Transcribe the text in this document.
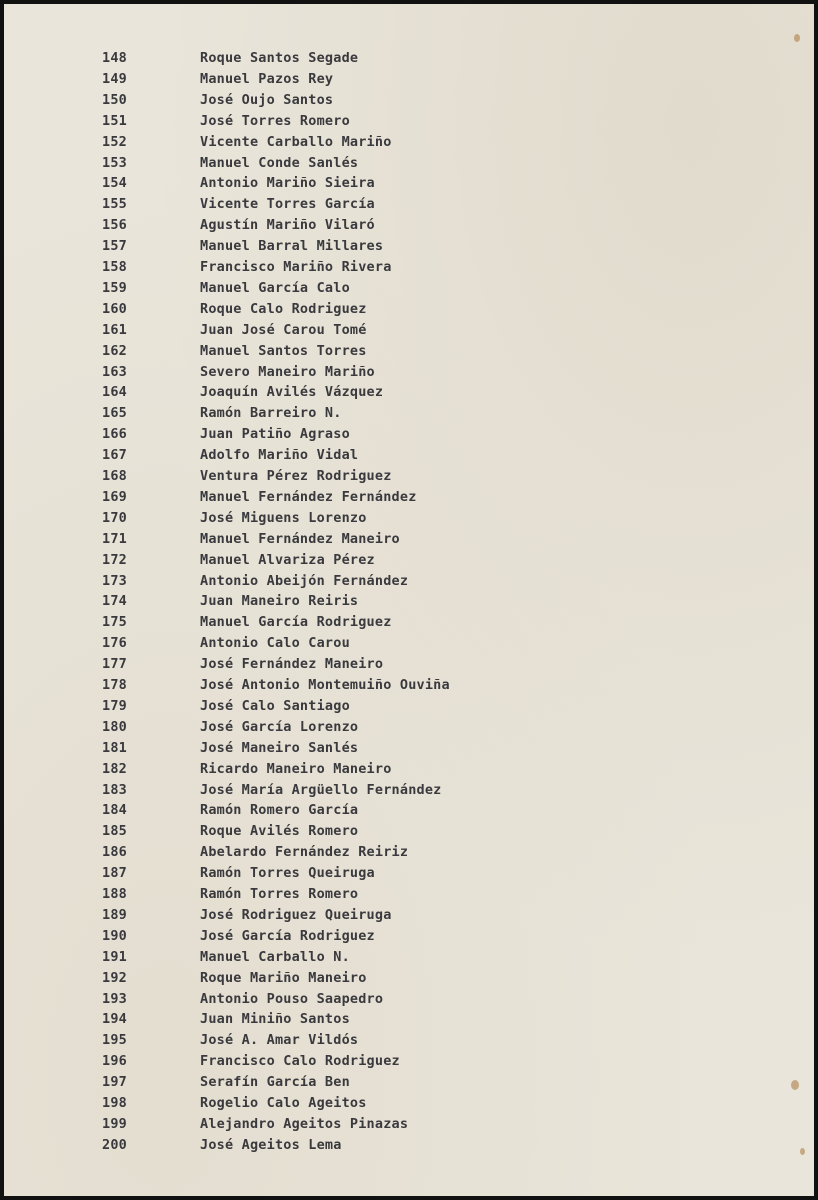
148	Roque Santos Segade
149	Manuel Pazos Rey
150	José Oujo Santos
151	José Torres Romero
152	Vicente Carballo Mariño
153	Manuel Conde Sanlés
154	Antonio Mariño Sieira
155	Vicente Torres García
156	Agustín Mariño Vilaró
157	Manuel Barral Millares
158	Francisco Mariño Rivera
159	Manuel García Calo
160	Roque Calo Rodriguez
161	Juan José Carou Tomé
162	Manuel Santos Torres
163	Severo Maneiro Mariño
164	Joaquín Avilés Vázquez
165	Ramón Barreiro N.
166	Juan Patiño Agraso
167	Adolfo Mariño Vidal
168	Ventura Pérez Rodriguez
169	Manuel Fernández Fernández
170	José Miguens Lorenzo
171	Manuel Fernández Maneiro
172	Manuel Alvariza Pérez
173	Antonio Abeijón Fernández
174	Juan Maneiro Reiris
175	Manuel García Rodriguez
176	Antonio Calo Carou
177	José Fernández Maneiro
178	José Antonio Montemuiño Ouviña
179	José Calo Santiago
180	José García Lorenzo
181	José Maneiro Sanlés
182	Ricardo Maneiro Maneiro
183	José María Argüello Fernández
184	Ramón Romero García
185	Roque Avilés Romero
186	Abelardo Fernández Reiriz
187	Ramón Torres Queiruga
188	Ramón Torres Romero
189	José Rodriguez Queiruga
190	José García Rodriguez
191	Manuel Carballo N.
192	Roque Mariño Maneiro
193	Antonio Pouso Saapedro
194	Juan Miniño Santos
195	José A. Amar Vildós
196	Francisco Calo Rodriguez
197	Serafín García Ben
198	Rogelio Calo Ageitos
199	Alejandro Ageitos Pinazas
200	José Ageitos Lema
